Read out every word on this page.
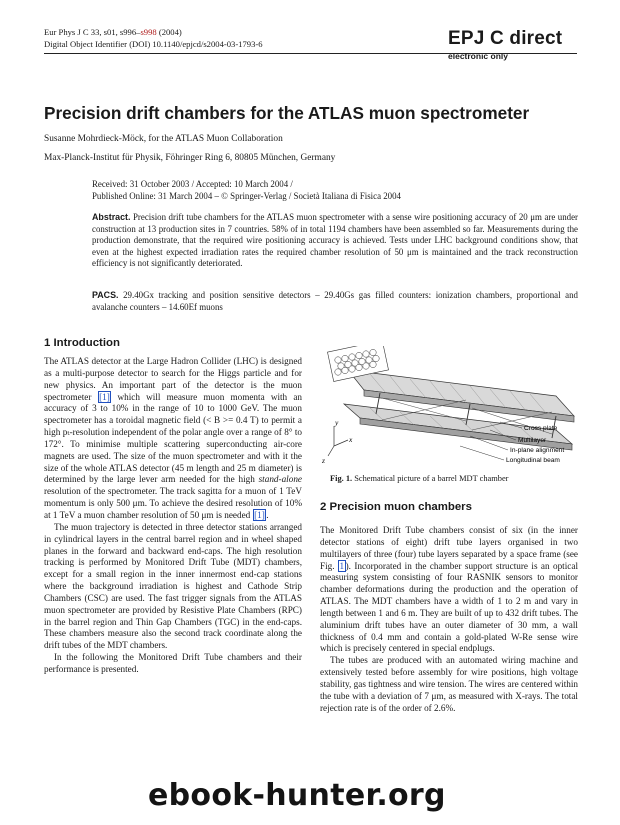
Eur Phys J C 33, s01, s996–s998 (2004)
Digital Object Identifier (DOI) 10.1140/epjcd/s2004-03-1793-6	EPJ C direct
electronic only
Precision drift chambers for the ATLAS muon spectrometer
Susanne Mohrdieck-Möck, for the ATLAS Muon Collaboration
Max-Planck-Institut für Physik, Föhringer Ring 6, 80805 München, Germany
Received: 31 October 2003 / Accepted: 10 March 2004 /
Published Online: 31 March 2004 – © Springer-Verlag / Società Italiana di Fisica 2004
Abstract. Precision drift tube chambers for the ATLAS muon spectrometer with a sense wire positioning accuracy of 20 μm are under construction at 13 production sites in 7 countries. 58% of in total 1194 chambers have been assembled so far. Measurements during the production demonstrate, that the required wire positioning accuracy is achieved. Tests under LHC background conditions show, that even at the highest expected irradiation rates the required chamber resolution of 50 μm is maintained and the track reconstruction efficiency is not significantly deteriorated.
PACS. 29.40Gx tracking and position sensitive detectors – 29.40Gs gas filled counters: ionization chambers, proportional and avalanche counters – 14.60Ef muons
1 Introduction

The ATLAS detector at the Large Hadron Collider (LHC) is designed as a multi-purpose detector to search for the Higgs particle and for new physics. An important part of the detector is the muon spectrometer [1] which will measure muon momenta with an accuracy of 3 to 10% in the range of 10 to 1000 GeV. The muon spectrometer has a toroidal magnetic field (< B >= 0.4 T) to permit a high pₜ-resolution independent of the polar angle over a range of 8° to 172°. To minimise multiple scattering superconducting air-core magnets are used. The size of the muon spectrometer and with it the size of the whole ATLAS detector (45 m length and 25 m diameter) is determined by the large lever arm needed for the high stand-alone resolution of the spectrometer. The track sagitta for a muon of 1 TeV momentum is only 500 μm. To achieve the desired resolution of 10% at 1 TeV a muon chamber resolution of 50 μm is needed [1] .

The muon trajectory is detected in three detector stations arranged in cylindrical layers in the central barrel region and in wheel shaped planes in the forward and backward end-caps. The high resolution tracking is performed by Monitored Drift Tube (MDT) chambers, except for a small region in the inner innermost end-cap stations where the background irradiation is highest and Cathode Strip Chambers (CSC) are used. The fast trigger signals from the ATLAS muon spectrometer are provided by Resistive Plate Chambers (RPC) in the barrel region and Thin Gap Chambers (TGC) in the end-caps. These chambers measure also the second track coordinate along the drift tubes of the MDT chambers.

In the following the Monitored Drift Tube chambers and their performance is presented.

y
x
z
Cross plate
Multilayer
In-plane alignment
Longitudinal beam
Fig. 1. Schematical picture of a barrel MDT chamber
2 Precision muon chambers

The Monitored Drift Tube chambers consist of six (in the inner detector stations of eight) drift tube layers organised in two multilayers of three (four) tube layers separated by a space frame (see Fig. 1 ). Incorporated in the chamber support structure is an optical measuring system consisting of four RASNIK sensors to monitor chamber deformations during the production and the operation of ATLAS. The MDT chambers have a width of 1 to 2 m and vary in length between 1 and 6 m. They are built of up to 432 drift tubes. The aluminium drift tubes have an outer diameter of 30 mm, a wall thickness of 0.4 mm and contain a gold-plated W-Re sense wire which is precisely centered in special endplugs.

The tubes are produced with an automated wiring machine and extensively tested before assembly for wire positions, high voltage stability, gas tightness and wire tension. The wires are centered within the tube with a deviation of 7 μm, as measured with X-rays. The total rejection rate is of the order of 2.6%.

ebook-hunter.org
